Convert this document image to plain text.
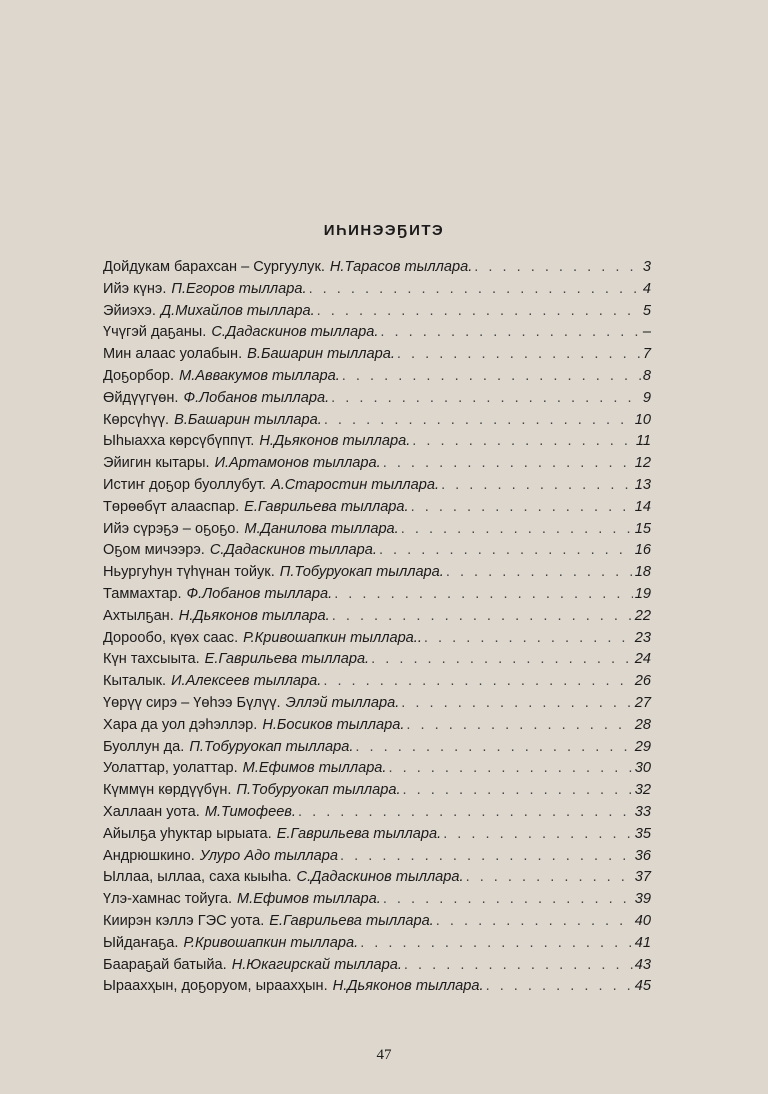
ИҺИНЭЭҔИТЭ
Дойдукам барахсан – Сургуулук. Н.Тарасов тыллара. . . .	3
Ийэ күнэ. П.Егоров тыллара. . . .	4
Эйиэхэ. Д.Михайлов тыллара. . . .	5
Үчүгэй даҕаны. С.Дадаскинов тыллара. . . .	–
Мин алаас уолабын. В.Башарин тыллара. . . .	7
Доҕорбор. М.Аввакумов тыллара. . . .	8
Өйдүүгүөн. Ф.Лобанов тыллара. . . .	9
Көрсүһүү. В.Башарин тыллара. . . .	10
Ыһыахха көрсүбүппүт. Н.Дьяконов тыллара. . . .	11
Эйигин кытары. И.Артамонов тыллара. . . .	12
Истиҥ доҕор буоллубут. А.Старостин тыллара. . . .	13
Төрөөбүт алааспар. Е.Гаврильева тыллара. . . .	14
Ийэ сүрэҕэ – оҕоҕо. М.Данилова тыллара. . . .	15
Оҕом мичээрэ. С.Дадаскинов тыллара. . . .	16
Ньургуһун түһүнан тойук. П.Тобуруокап тыллара. . . .	18
Таммахтар. Ф.Лобанов тыллара. . . .	19
Ахтылҕан. Н.Дьяконов тыллара. . . .	22
Дорообо, күөх саас. Р.Кривошапкин тыллара.. . . .	23
Күн тахсыыта. Е.Гаврильева тыллара. . . .	24
Кыталык. И.Алексеев тыллара. . . .	26
Үөрүү сирэ – Үөһээ Бүлүү. Эллэй тыллара. . . .	27
Хара да уол дэһэллэр. Н.Босиков тыллара. . . .	28
Буоллун да. П.Тобуруокап тыллара. . . .	29
Уолаттар, уолаттар. М.Ефимов тыллара. . . .	30
Күммүн көрдүүбүн. П.Тобуруокап тыллара. . . .	32
Халлаан уота. М.Тимофеев. . . .	33
Айылҕа уһуктар ырыата. Е.Гаврильева тыллара. . . .	35
Андрюшкино. Улуро Адо тыллара . . .	36
Ыллаа, ыллаа, саха кыыһа. С.Дадаскинов тыллара. . . .	37
Үлэ-хамнас тойуга. М.Ефимов тыллара. . . .	39
Киирэн кэллэ ГЭС уота. Е.Гаврильева тыллара. . . .	40
Ыйдаҥаҕа. Р.Кривошапкин тыллара. . . .	41
Баараҕай батыйа. Н.Юкагирскай тыллара. . . .	43
Ыраахҳын, доҕоруом, ыраахҳын. Н.Дьяконов тыллара. . . .	45
47
